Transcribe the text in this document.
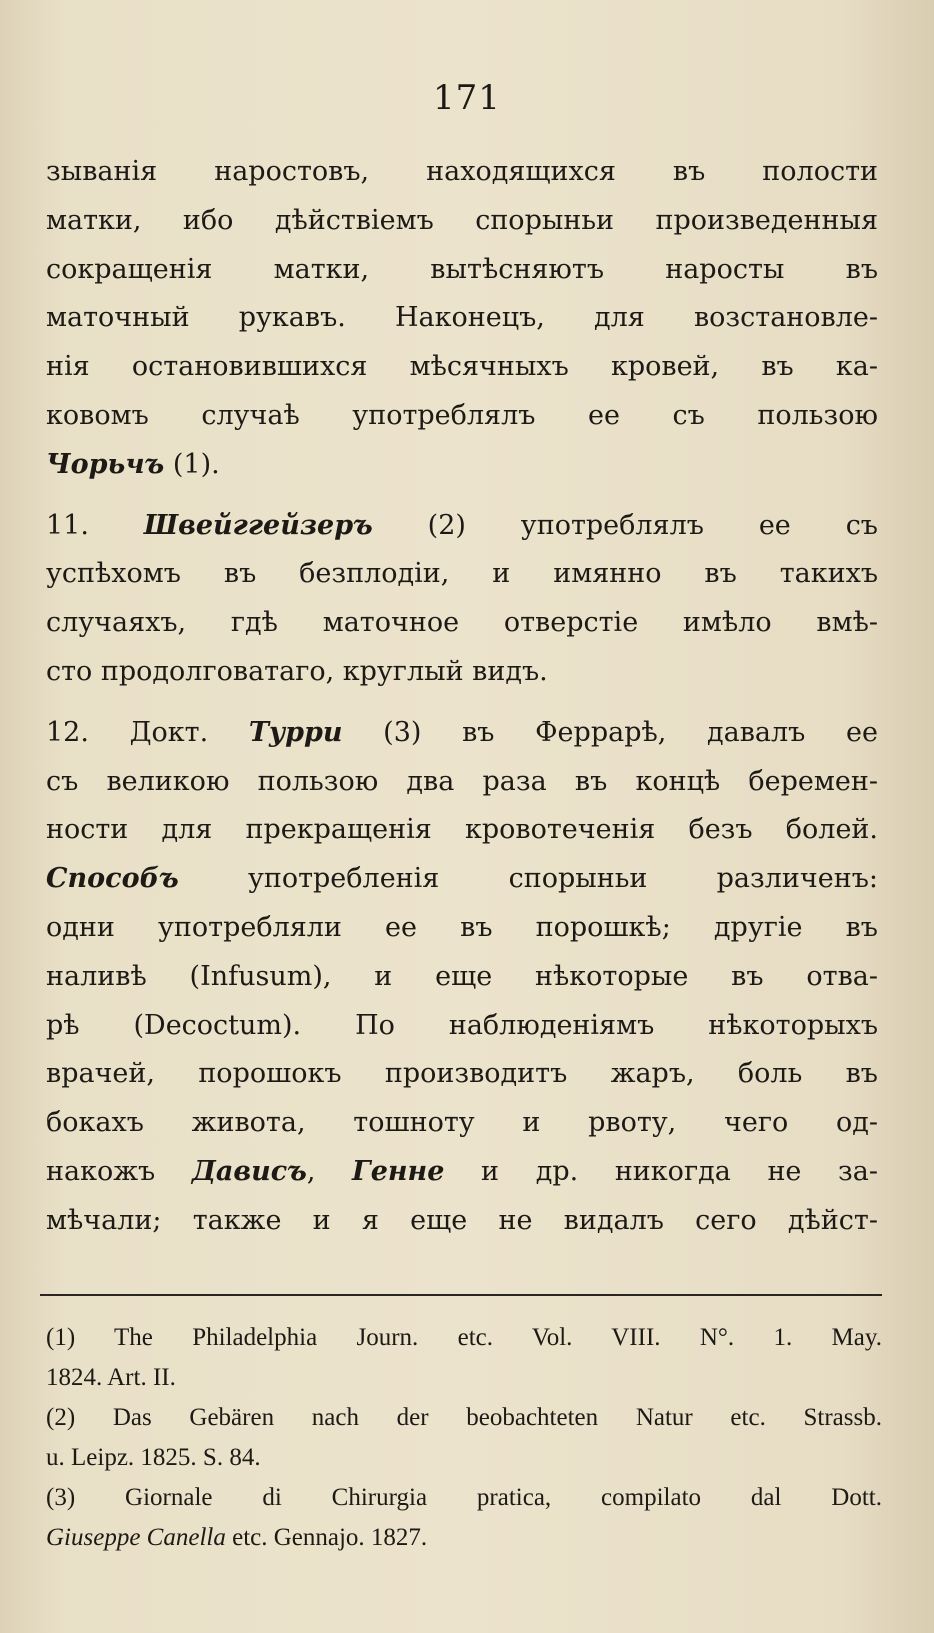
171
зыванія наростовъ, находящихся въ полости
матки, ибо дѣйствіемъ спорыньи произведенныя
сокращенія матки, вытѣсняютъ наросты въ
маточный рукавъ. Наконецъ, для возстановле-
нія остановившихся мѣсячныхъ кровей, въ ка-
ковомъ случаѣ употреблялъ ее съ пользою
Чорьчъ (1).
11. Швейггейзеръ (2) употреблялъ ее съ
успѣхомъ въ безплодіи, и имянно въ такихъ
случаяхъ, гдѣ маточное отверстіе имѣло вмѣ-
сто продолговатаго, круглый видъ.
12. Докт. Турри (3) въ Феррарѣ, давалъ ее
съ великою пользою два раза въ концѣ беремен-
ности для прекращенія кровотеченія безъ болей.
Способъ употребленія спорыньи различенъ:
одни употребляли ее въ порошкѣ; другіе въ
наливѣ (Infusum), и еще нѣкоторые въ отва-
рѣ (Decoctum). По наблюденіямъ нѣкоторыхъ
врачей, порошокъ производитъ жаръ, боль въ
бокахъ живота, тошноту и рвоту, чего од-
накожъ Дависъ, Генне и др. никогда не за-
мѣчали; также и я еще не видалъ сего дѣйст-
(1) The Philadelphia Journ. etc. Vol. VIII. N°. 1. May.
1824. Art. II.
(2) Das Gebären nach der beobachteten Natur etc. Strassb.
u. Leipz. 1825. S. 84.
(3) Giornale di Chirurgia pratica, compilato dal Dott.
Giuseppe Canella etc. Gennajo. 1827.
